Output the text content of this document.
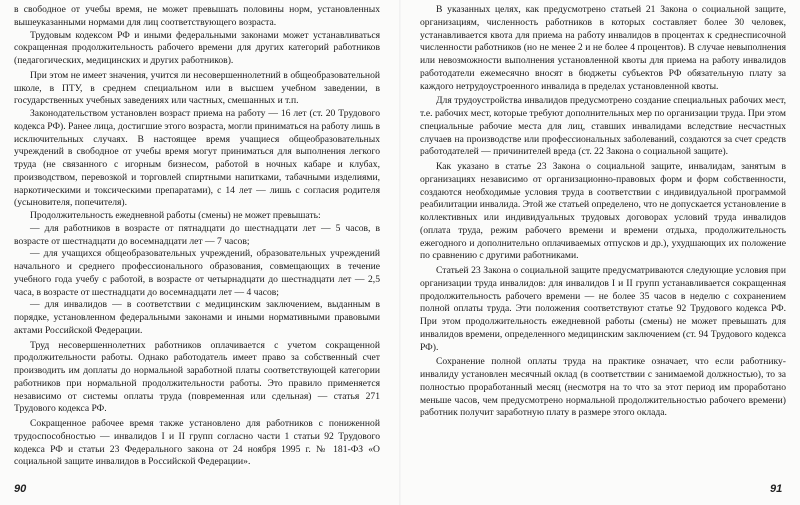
в свободное от учебы время, не может превышать половины норм, установленных вышеуказанными нормами для лиц соответствующего возраста.

Трудовым кодексом РФ и иными федеральными законами может устанавливаться сокращенная продолжительность рабочего времени для других категорий работников (педагогических, медицинских и других работников).

При этом не имеет значения, учится ли несовершеннолетний в общеобразовательной школе, в ПТУ, в среднем специальном или в высшем учебном заведении, в государственных учебных заведениях или частных, смешанных и т.п.

Законодательством установлен возраст приема на работу — 16 лет (ст. 20 Трудового кодекса РФ). Ранее лица, достигшие этого возраста, могли приниматься на работу лишь в исключительных случаях. В настоящее время учащиеся общеобразовательных учреждений в свободное от учебы время могут приниматься для выполнения легкого труда (не связанного с игорным бизнесом, работой в ночных кабаре и клубах, производством, перевозкой и торговлей спиртными напитками, табачными изделиями, наркотическими и токсическими препаратами), с 14 лет — лишь с согласия родителя (усыновителя, попечителя).

Продолжительность ежедневной работы (смены) не может превышать:

— для работников в возрасте от пятнадцати до шестнадцати лет — 5 часов, в возрасте от шестнадцати до восемнадцати лет — 7 часов;

— для учащихся общеобразовательных учреждений, образовательных учреждений начального и среднего профессионального образования, совмещающих в течение учебного года учебу с работой, в возрасте от четырнадцати до шестнадцати лет — 2,5 часа, в возрасте от шестнадцати до восемнадцати лет — 4 часов;

— для инвалидов — в соответствии с медицинским заключением, выданным в порядке, установленном федеральными законами и иными нормативными правовыми актами Российской Федерации.

Труд несовершеннолетних работников оплачивается с учетом сокращенной продолжительности работы. Однако работодатель имеет право за собственный счет производить им доплаты до нормальной заработной платы соответствующей категории работников при нормальной продолжительности работы. Это правило применяется независимо от системы оплаты труда (повременная или сдельная) — статья 271 Трудового кодекса РФ.

Сокращенное рабочее время также установлено для работников с пониженной трудоспособностью — инвалидов I и II групп согласно части 1 статьи 92 Трудового кодекса РФ и статьи 23 Федерального закона от 24 ноября 1995 г. № 181-ФЗ «О социальной защите инвалидов в Российской Федерации».

В указанных целях, как предусмотрено статьей 21 Закона о социальной защите, организациям, численность работников в которых составляет более 30 человек, устанавливается квота для приема на работу инвалидов в процентах к среднесписочной численности работников (но не менее 2 и не более 4 процентов). В случае невыполнения или невозможности выполнения установленной квоты для приема на работу инвалидов работодатели ежемесячно вносят в бюджеты субъектов РФ обязательную плату за каждого нетрудоустроенного инвалида в пределах установленной квоты.

Для трудоустройства инвалидов предусмотрено создание специальных рабочих мест, т.е. рабочих мест, которые требуют дополнительных мер по организации труда. При этом специальные рабочие места для лиц, ставших инвалидами вследствие несчастных случаев на производстве или профессиональных заболеваний, создаются за счет средств работодателей — причинителей вреда (ст. 22 Закона о социальной защите).

Как указано в статье 23 Закона о социальной защите, инвалидам, занятым в организациях независимо от организационно-правовых форм и форм собственности, создаются необходимые условия труда в соответствии с индивидуальной программой реабилитации инвалида. Этой же статьей определено, что не допускается установление в коллективных или индивидуальных трудовых договорах условий труда инвалидов (оплата труда, режим рабочего времени и времени отдыха, продолжительность ежегодного и дополнительно оплачиваемых отпусков и др.), ухудшающих их положение по сравнению с другими работниками.

Статьей 23 Закона о социальной защите предусматриваются следующие условия при организации труда инвалидов: для инвалидов I и II групп устанавливается сокращенная продолжительность рабочего времени — не более 35 часов в неделю с сохранением полной оплаты труда. Эти положения соответствуют статье 92 Трудового кодекса РФ. При этом продолжительность ежедневной работы (смены) не может превышать для инвалидов времени, определенного медицинским заключением (ст. 94 Трудового кодекса РФ).

Сохранение полной оплаты труда на практике означает, что если работнику-инвалиду установлен месячный оклад (в соответствии с занимаемой должностью), то за полностью проработанный месяц (несмотря на то что за этот период им проработано меньше часов, чем предусмотрено нормальной продолжительностью рабочего времени) работник получит заработную плату в размере этого оклада.

90	91
